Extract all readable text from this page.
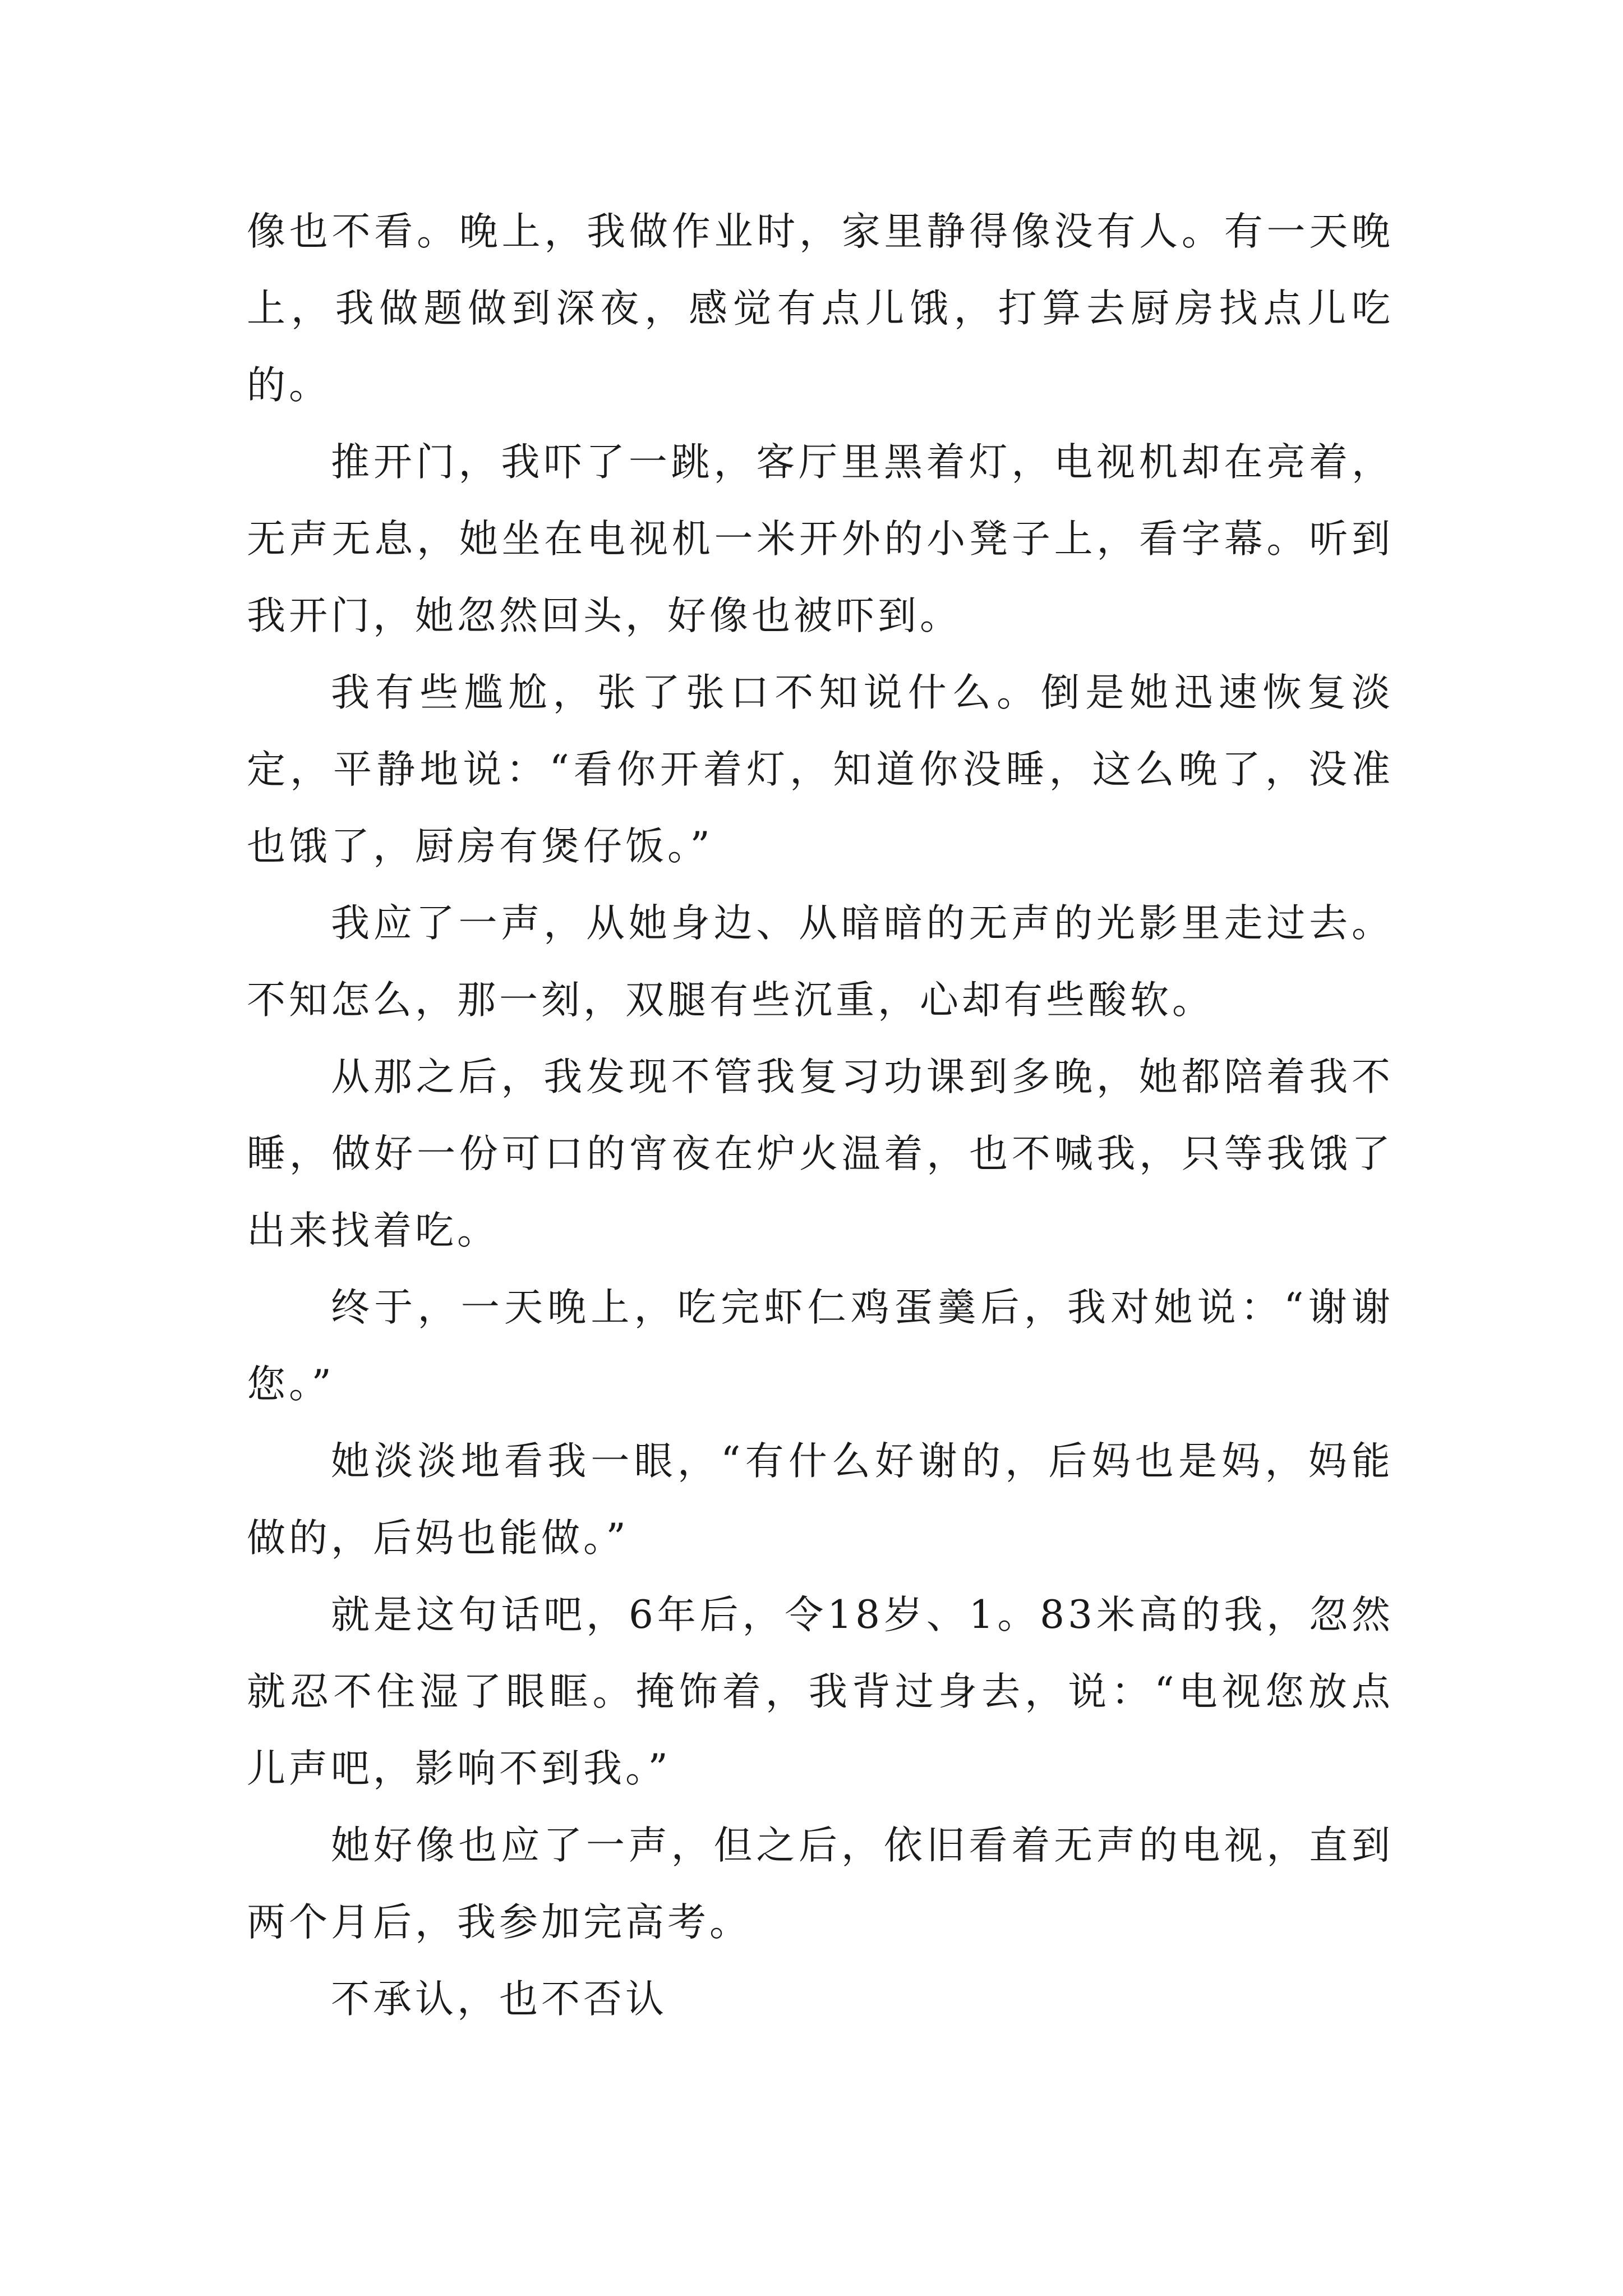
像也不看。晚上，我做作业时，家里静得像没有人。有一天晚上，我做题做到深夜，感觉有点儿饿，打算去厨房找点儿吃的。

推开门，我吓了一跳，客厅里黑着灯，电视机却在亮着，无声无息，她坐在电视机一米开外的小凳子上，看字幕。听到我开门，她忽然回头，好像也被吓到。

我有些尴尬，张了张口不知说什么。倒是她迅速恢复淡定，平静地说：“看你开着灯，知道你没睡，这么晚了，没准也饿了，厨房有煲仔饭。”

我应了一声，从她身边、从暗暗的无声的光影里走过去。不知怎么，那一刻，双腿有些沉重，心却有些酸软。

从那之后，我发现不管我复习功课到多晚，她都陪着我不睡，做好一份可口的宵夜在炉火温着，也不喊我，只等我饿了出来找着吃。

终于，一天晚上，吃完虾仁鸡蛋羹后，我对她说：“谢谢您。”

她淡淡地看我一眼，“有什么好谢的，后妈也是妈，妈能做的，后妈也能做。”

就是这句话吧，6年后，令18岁、1。83米高的我，忽然就忍不住湿了眼眶。掩饰着，我背过身去，说：“电视您放点儿声吧，影响不到我。”

她好像也应了一声，但之后，依旧看着无声的电视，直到两个月后，我参加完高考。

不承认，也不否认
